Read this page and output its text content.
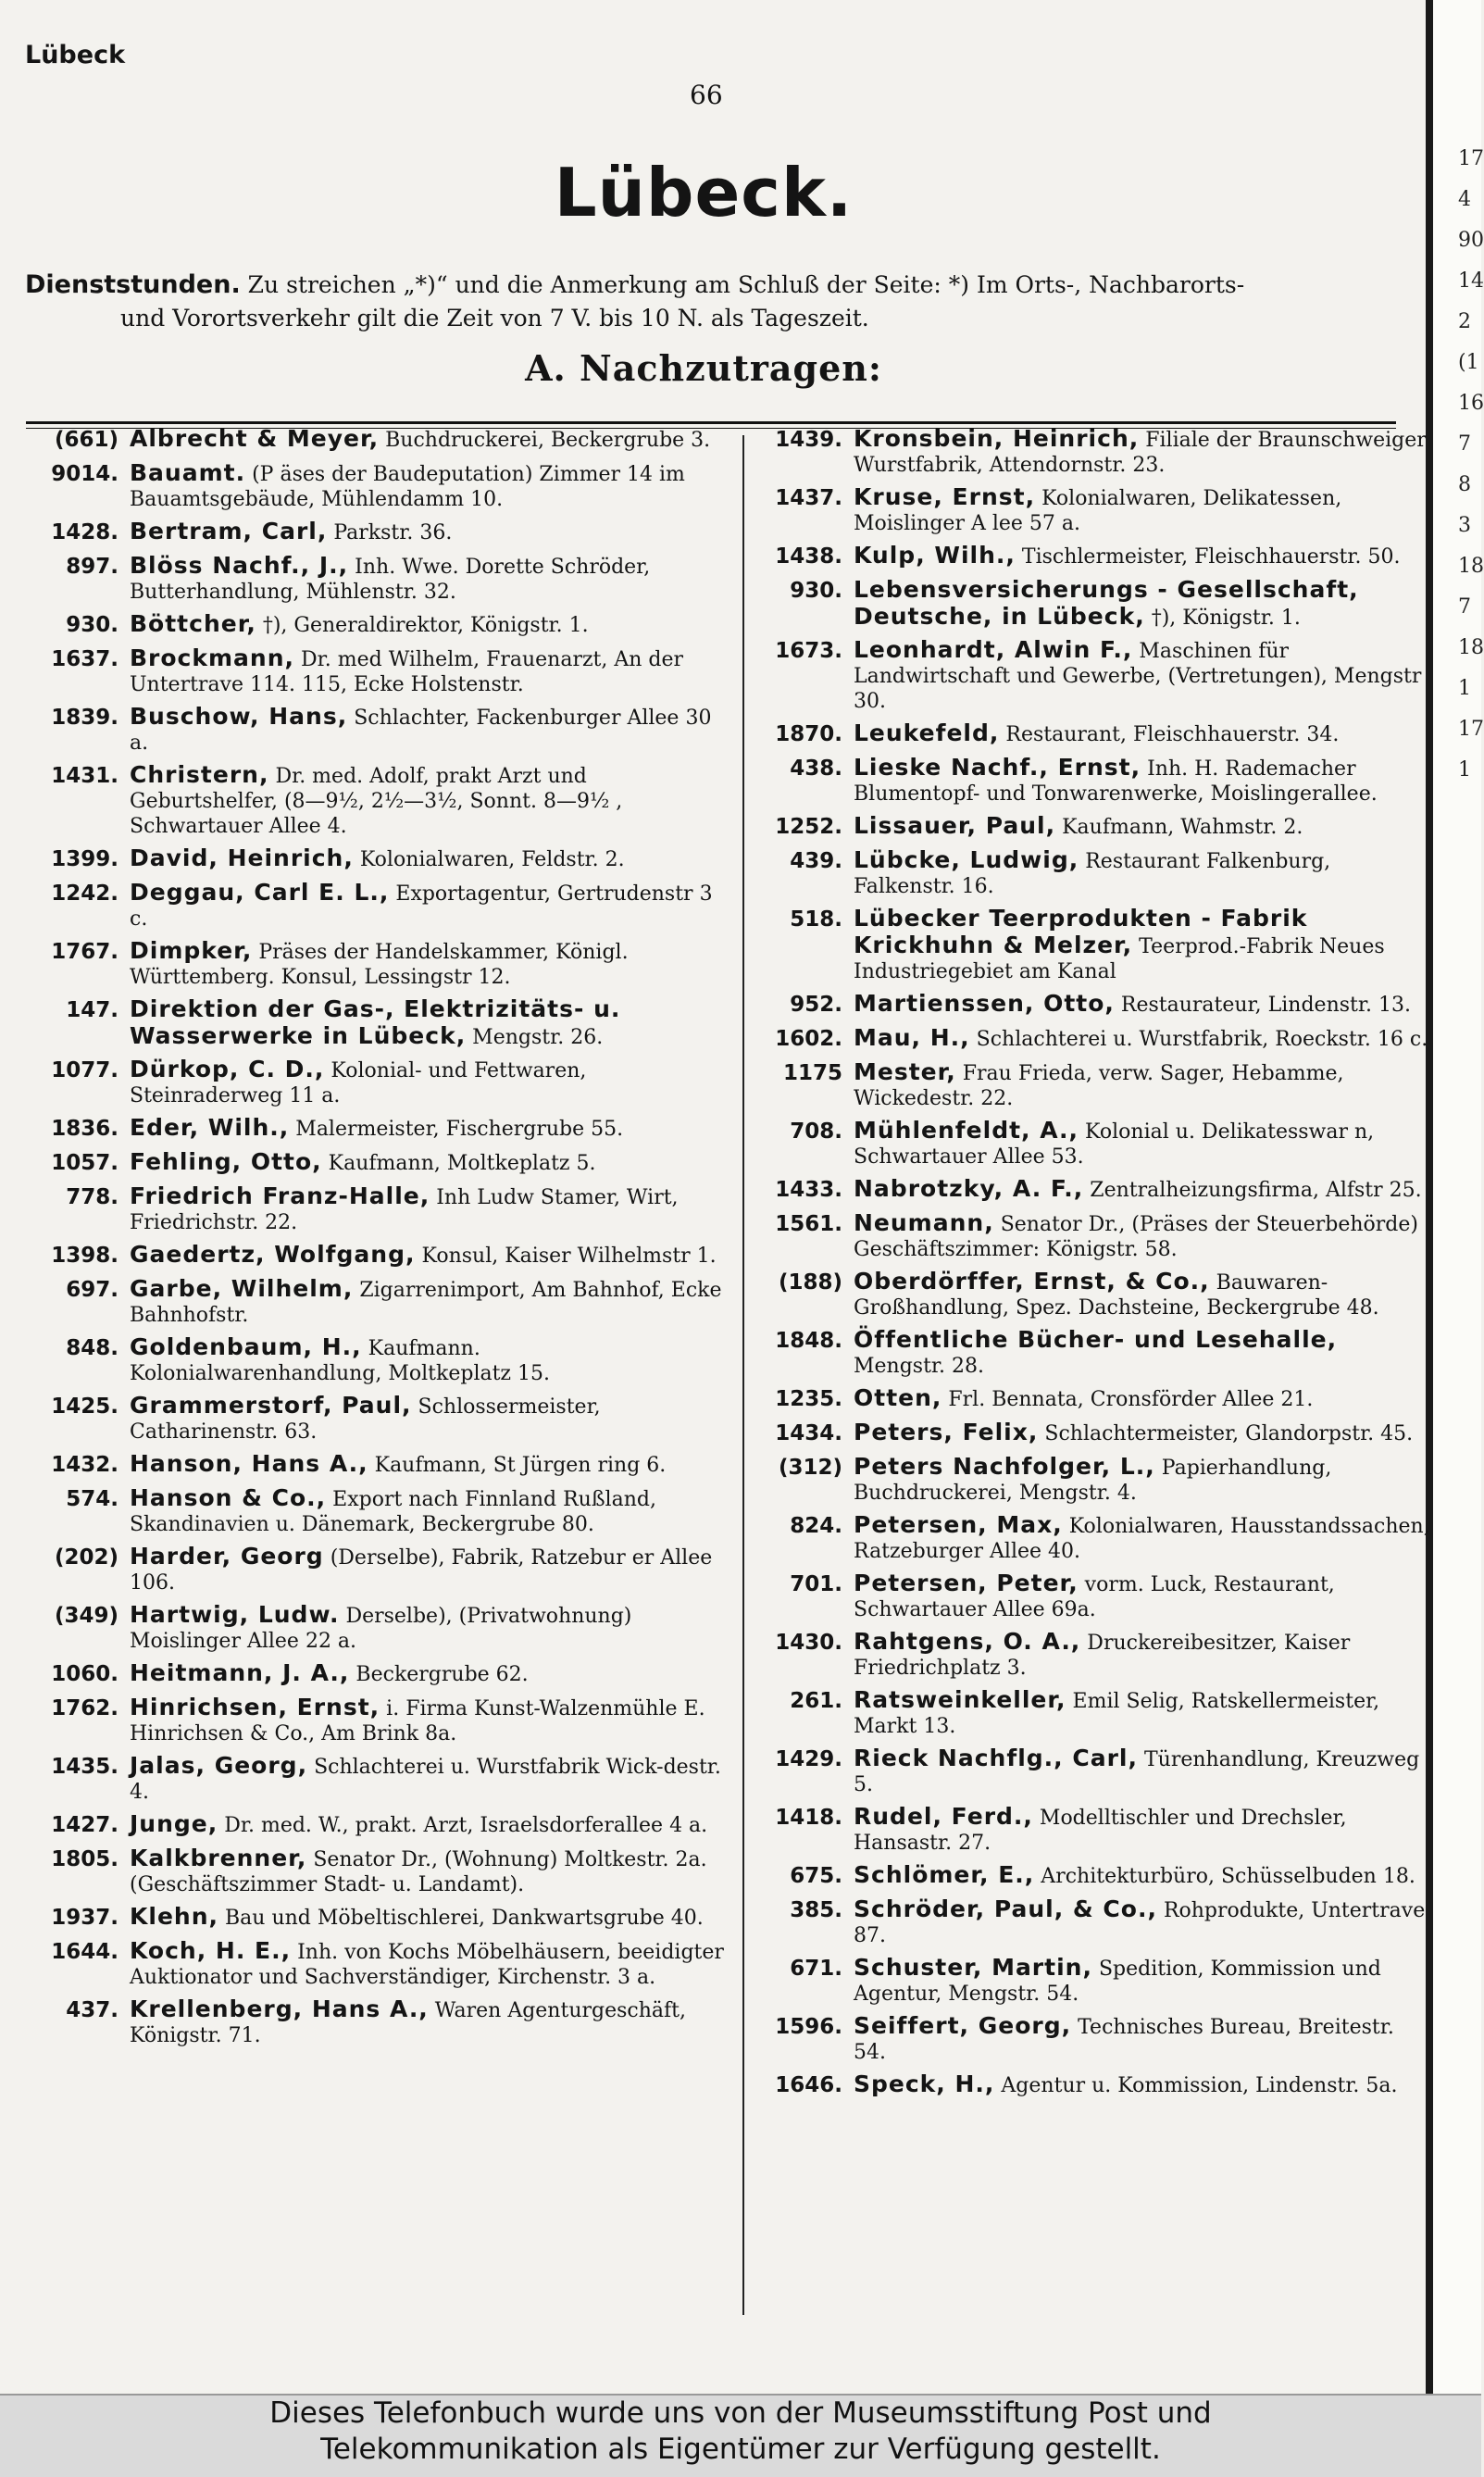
17
4
90
14
2
(1
16
7
8
3
18
7
18
1
17
1
Lübeck
66
Lübeck.
Dienststunden. Zu streichen „*)“ und die Anmerkung am Schluß der Seite: *) Im Orts-, Nachbarorts-
und Vorortsverkehr gilt die Zeit von 7 V. bis 10 N. als Tageszeit.
A. Nachzutragen:
(661) Albrecht & Meyer, Buchdruckerei, Beckergrube 3.
9014. Bauamt. (P äses der Baudeputation) Zimmer 14 im Bauamtsgebäude, Mühlendamm 10.
1428. Bertram, Carl, Parkstr. 36.
897. Blöss Nachf., J., Inh. Wwe. Dorette Schröder, Butterhandlung, Mühlenstr. 32.
930. Böttcher, †), Generaldirektor, Königstr. 1.
1637. Brockmann, Dr. med Wilhelm, Frauenarzt, An der Untertrave 114. 115, Ecke Holstenstr.
1839. Buschow, Hans, Schlachter, Fackenburger Allee 30 a.
1431. Christern, Dr. med. Adolf, prakt Arzt und Geburtshelfer, (8—9½, 2½—3½, Sonnt. 8—9½ , Schwartauer Allee 4.
1399. David, Heinrich, Kolonialwaren, Feldstr. 2.
1242. Deggau, Carl E. L., Exportagentur, Gertrudenstr 3 c.
1767. Dimpker, Präses der Handelskammer, Königl. Württemberg. Konsul, Lessingstr 12.
147. Direktion der Gas-, Elektrizitäts- u. Wasserwerke in Lübeck, Mengstr. 26.
1077. Dürkop, C. D., Kolonial- und Fettwaren, Steinraderweg 11 a.
1836. Eder, Wilh., Malermeister, Fischergrube 55.
1057. Fehling, Otto, Kaufmann, Moltkeplatz 5.
778. Friedrich Franz-Halle, Inh Ludw Stamer, Wirt, Friedrichstr. 22.
1398. Gaedertz, Wolfgang, Konsul, Kaiser Wilhelmstr 1.
697. Garbe, Wilhelm, Zigarrenimport, Am Bahnhof, Ecke Bahnhofstr.
848. Goldenbaum, H., Kaufmann. Kolonialwarenhandlung, Moltkeplatz 15.
1425. Grammerstorf, Paul, Schlossermeister, Catharinenstr. 63.
1432. Hanson, Hans A., Kaufmann, St Jürgen ring 6.
574. Hanson & Co., Export nach Finnland Rußland, Skandinavien u. Dänemark, Beckergrube 80.
(202) Harder, Georg (Derselbe), Fabrik, Ratzebur er Allee 106.
(349) Hartwig, Ludw. Derselbe), (Privatwohnung) Moislinger Allee 22 a.
1060. Heitmann, J. A., Beckergrube 62.
1762. Hinrichsen, Ernst, i. Firma Kunst-Walzenmühle E. Hinrichsen & Co., Am Brink 8a.
1435. Jalas, Georg, Schlachterei u. Wurstfabrik Wick-destr. 4.
1427. Junge, Dr. med. W., prakt. Arzt, Israelsdorferallee 4 a.
1805. Kalkbrenner, Senator Dr., (Wohnung) Moltkestr. 2a. (Geschäftszimmer Stadt- u. Landamt).
1937. Klehn, Bau und Möbeltischlerei, Dankwartsgrube 40.
1644. Koch, H. E., Inh. von Kochs Möbelhäusern, beeidigter Auktionator und Sachverständiger, Kirchenstr. 3 a.
437. Krellenberg, Hans A., Waren Agenturgeschäft, Königstr. 71.
1439. Kronsbein, Heinrich, Filiale der Braunschweiger Wurstfabrik, Attendornstr. 23.
1437. Kruse, Ernst, Kolonialwaren, Delikatessen, Moislinger A lee 57 a.
1438. Kulp, Wilh., Tischlermeister, Fleischhauerstr. 50.
930. Lebensversicherungs - Gesellschaft, Deutsche, in Lübeck, †), Königstr. 1.
1673. Leonhardt, Alwin F., Maschinen für Landwirtschaft und Gewerbe, (Vertretungen), Mengstr 30.
1870. Leukefeld, Restaurant, Fleischhauerstr. 34.
438. Lieske Nachf., Ernst, Inh. H. Rademacher Blumentopf- und Tonwarenwerke, Moislingerallee.
1252. Lissauer, Paul, Kaufmann, Wahmstr. 2.
439. Lübcke, Ludwig, Restaurant Falkenburg, Falkenstr. 16.
518. Lübecker Teerprodukten - Fabrik Krickhuhn & Melzer, Teerprod.-Fabrik Neues Industriegebiet am Kanal
952. Martienssen, Otto, Restaurateur, Lindenstr. 13.
1602. Mau, H., Schlachterei u. Wurstfabrik, Roeckstr. 16 c.
1175 Mester, Frau Frieda, verw. Sager, Hebamme, Wickedestr. 22.
708. Mühlenfeldt, A., Kolonial u. Delikatesswar n, Schwartauer Allee 53.
1433. Nabrotzky, A. F., Zentralheizungsfirma, Alfstr 25.
1561. Neumann, Senator Dr., (Präses der Steuerbehörde) Geschäftszimmer: Königstr. 58.
(188) Oberdörffer, Ernst, & Co., Bauwaren-Großhandlung, Spez. Dachsteine, Beckergrube 48.
1848. Öffentliche Bücher- und Lesehalle, Mengstr. 28.
1235. Otten, Frl. Bennata, Cronsförder Allee 21.
1434. Peters, Felix, Schlachtermeister, Glandorpstr. 45.
(312) Peters Nachfolger, L., Papierhandlung, Buchdruckerei, Mengstr. 4.
824. Petersen, Max, Kolonialwaren, Hausstandssachen, Ratzeburger Allee 40.
701. Petersen, Peter, vorm. Luck, Restaurant, Schwartauer Allee 69a.
1430. Rahtgens, O. A., Druckereibesitzer, Kaiser Friedrichplatz 3.
261. Ratsweinkeller, Emil Selig, Ratskellermeister, Markt 13.
1429. Rieck Nachflg., Carl, Türenhandlung, Kreuzweg 5.
1418. Rudel, Ferd., Modelltischler und Drechsler, Hansastr. 27.
675. Schlömer, E., Architekturbüro, Schüsselbuden 18.
385. Schröder, Paul, & Co., Rohprodukte, Untertrave 87.
671. Schuster, Martin, Spedition, Kommission und Agentur, Mengstr. 54.
1596. Seiffert, Georg, Technisches Bureau, Breitestr. 54.
1646. Speck, H., Agentur u. Kommission, Lindenstr. 5a.
Dieses Telefonbuch wurde uns von der Museumsstiftung Post und
Telekommunikation als Eigentümer zur Verfügung gestellt.
